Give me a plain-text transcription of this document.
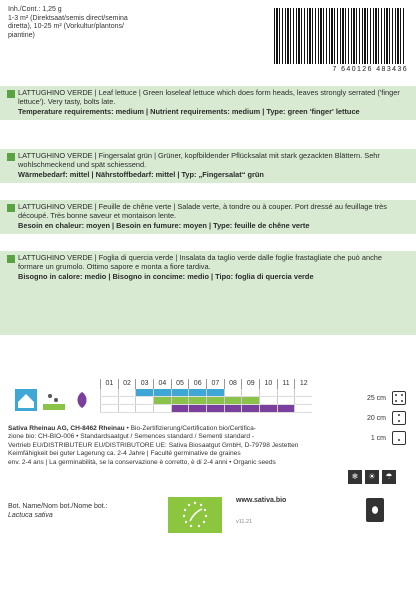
Inh./Cont.: 1,25 g
1-3 m² (Direktsaat/semis direct/semina
diretta), 10-25 m² (Vorkultur/plantons/
piantine)
7 640126 483436

LATTUGHINO VERDE | Leaf lettuce | Green loseleaf lettuce which does form heads, leaves strongly serrated ('finger lettuce'). Very tasty, bolts late.

Temperature requirements: medium | Nutrient requirements: medium | Type: green 'finger' lettuce

LATTUGHINO VERDE | Fingersalat grün | Grüner, kopfbildender Pflücksalat mit stark gezackten Blättern. Sehr wohlschmeckend und spät schiessend.

Wärmebedarf: mittel | Nährstoffbedarf: mittel | Typ: „Fingersalat“ grün

LATTUGHINO VERDE | Feuille de chêne verte | Salade verte, à tondre ou à couper. Port dressé au feuillage très découpé. Très bonne saveur et montaison lente.

Besoin en chaleur: moyen | Besoin en fumure: moyen | Type: feuille de chêne verte

LATTUGHINO VERDE | Foglia di quercia verde | Insalata da taglio verde dalle foglie frastagliate che può anche formare un grumolo. Ottimo sapore e monta a fiore tardiva.

Bisogno in calore: medio | Bisogno in concime: medio | Tipo: foglia di quercia verde

01	02	03	04	05	06	07	08	09	10	11	12
25 cm
20 cm
1 cm
Sativa Rheinau AG, CH-8462 Rheinau • Bio-Zertifizierung/Certification bio/Certifica-
zione bio: CH-BIO-006 • Standardsaatgut / Semences standard / Sementi standard -
Vertrieb EU/DISTRIBUTEUR EU/DISTRIBUTORE UE: Sativa Biosaatgut GmbH, D-79798 Jestetten
Keimfähigkeit bei guter Lagerung ca. 2-4 Jahre | Faculté germinative de graines
env. 2-4 ans | La germinabilità, se la conservazione è corretto, è di 2-4 anni • Organic seeds
❄	☀	☂
Bot. Name/Nom bot./Nome bot.:
Lactuca sativa
www.sativa.bio
v11.21
